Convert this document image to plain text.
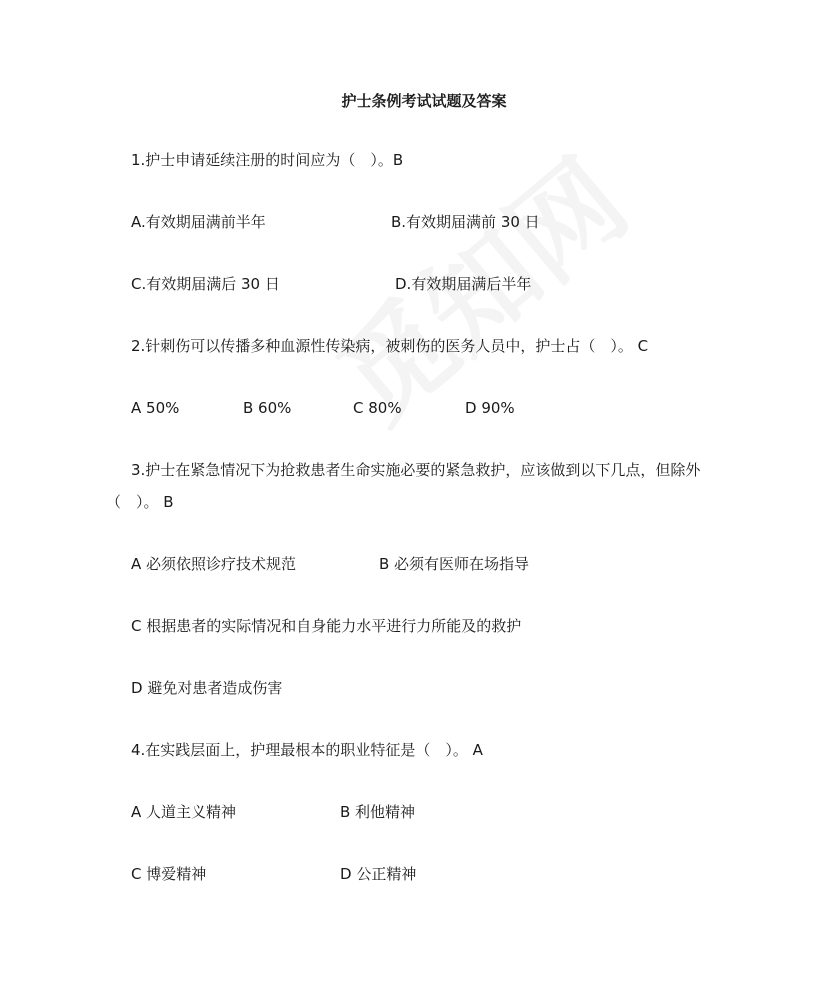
护士条例考试试题及答案
1.护士申请延续注册的时间应为（　）。B
A.有效期届满前半年	B.有效期届满前 30 日
C.有效期届满后 30 日	D.有效期届满后半年
2.针刺伤可以传播多种血源性传染病，被刺伤的医务人员中，护士占（　）。 C
A 50%	B 60%	C 80%	D 90%
3.护士在紧急情况下为抢救患者生命实施必要的紧急救护，应该做到以下几点，但除外
（　）。 B
A 必须依照诊疗技术规范	B 必须有医师在场指导
C 根据患者的实际情况和自身能力水平进行力所能及的救护
D 避免对患者造成伤害
4.在实践层面上，护理最根本的职业特征是（　）。 A
A 人道主义精神	B 利他精神
C 博爱精神	D 公正精神
